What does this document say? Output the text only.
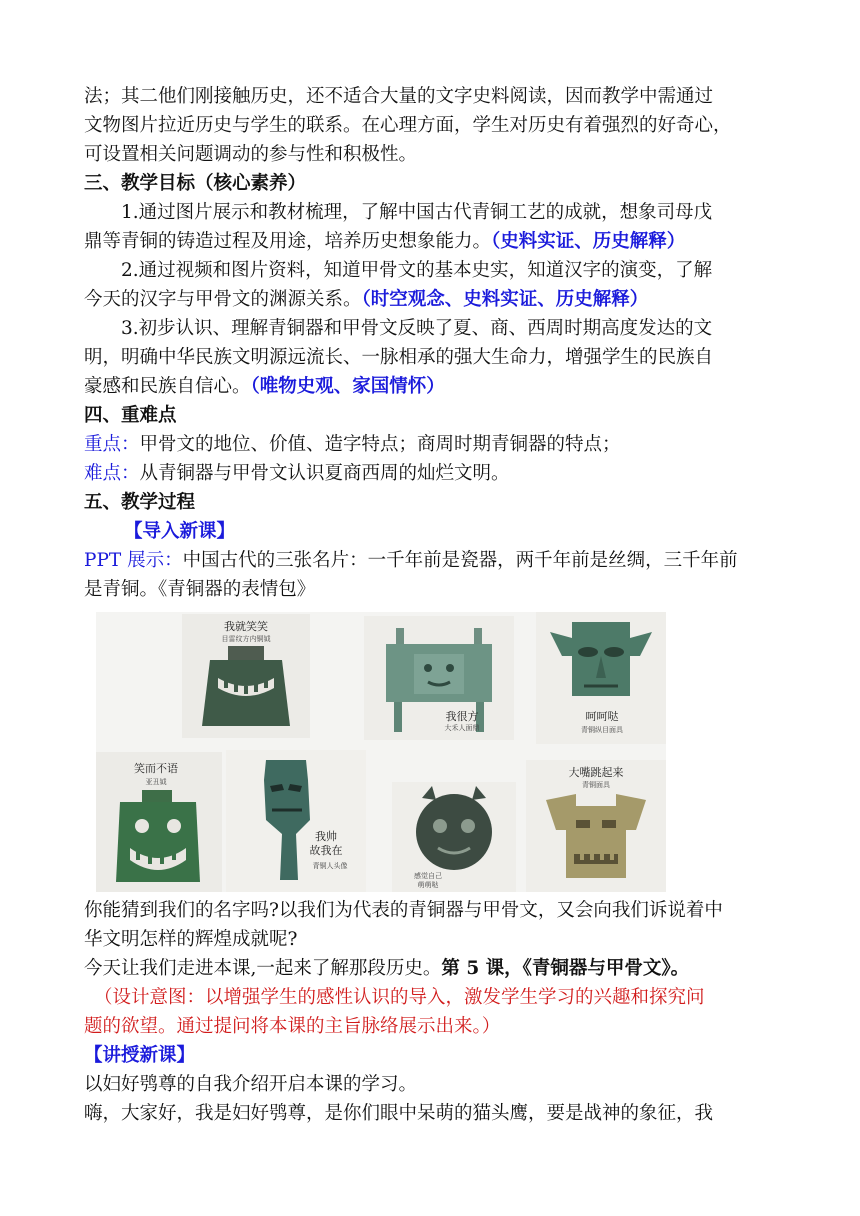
法；其二他们刚接触历史，还不适合大量的文字史料阅读，因而教学中需通过
文物图片拉近历史与学生的联系。在心理方面，学生对历史有着强烈的好奇心，
可设置相关问题调动的参与性和积极性。
三、教学目标（核心素养）
1.通过图片展示和教材梳理，了解中国古代青铜工艺的成就，想象司母戊
鼎等青铜的铸造过程及用途，培养历史想象能力。（史料实证、历史解释）
2.通过视频和图片资料，知道甲骨文的基本史实，知道汉字的演变，了解
今天的汉字与甲骨文的渊源关系。（时空观念、史料实证、历史解释）
3.初步认识、理解青铜器和甲骨文反映了夏、商、西周时期高度发达的文
明，明确中华民族文明源远流长、一脉相承的强大生命力，增强学生的民族自
豪感和民族自信心。（唯物史观、家国情怀）
四、重难点
重点：甲骨文的地位、价值、造字特点；商周时期青铜器的特点；
难点：从青铜器与甲骨文认识夏商西周的灿烂文明。
五、教学过程
【导入新课】
PPT 展示：中国古代的三张名片：一千年前是瓷器，两千年前是丝绸，三千年前
是青铜。《青铜器的表情包》
我就笑笑
目雷纹方内铜钺
我很方
大禾人面鼎
呵呵哒
青铜纵目面具
笑而不语
亚丑钺
我帅
故我在
青铜人头像
感觉自己
萌萌哒
大嘴跳起来
青铜面具
你能猜到我们的名字吗?以我们为代表的青铜器与甲骨文，又会向我们诉说着中
华文明怎样的辉煌成就呢?
今天让我们走进本课,一起来了解那段历史。第 5 课，《青铜器与甲骨文》。
（设计意图：以增强学生的感性认识的导入，激发学生学习的兴趣和探究问
题的欲望。通过提问将本课的主旨脉络展示出来。）
【讲授新课】
以妇好鸮尊的自我介绍开启本课的学习。
嗨，大家好，我是妇好鸮尊，是你们眼中呆萌的猫头鹰，要是战神的象征，我
